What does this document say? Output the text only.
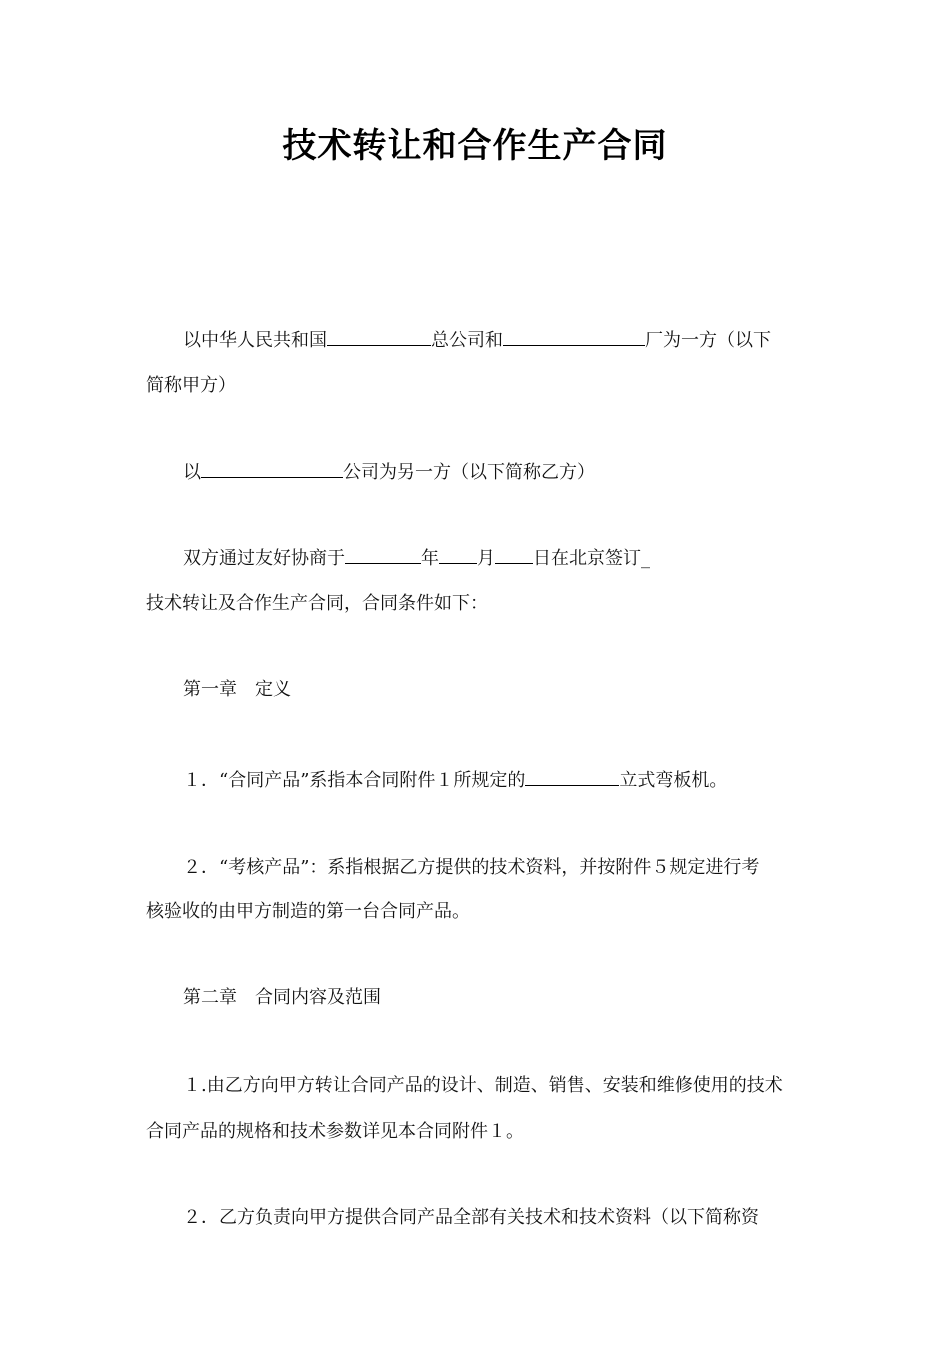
技术转让和合作生产合同
以中华人民共和国	总公司和	厂为一方（以下
简称甲方）
以	公司为另一方（以下简称乙方）
双方通过友好协商于	年 月 日在北京签订_
技术转让及合作生产合同，合同条件如下：
第一章　定义
１．“合同产品”系指本合同附件１所规定的	立式弯板机。
２．“考核产品”：系指根据乙方提供的技术资料，并按附件５规定进行考
核验收的由甲方制造的第一台合同产品。
第二章　合同内容及范围
１.由乙方向甲方转让合同产品的设计、制造、销售、安装和维修使用的技术
合同产品的规格和技术参数详见本合同附件１。
２．乙方负责向甲方提供合同产品全部有关技术和技术资料（以下简称资
